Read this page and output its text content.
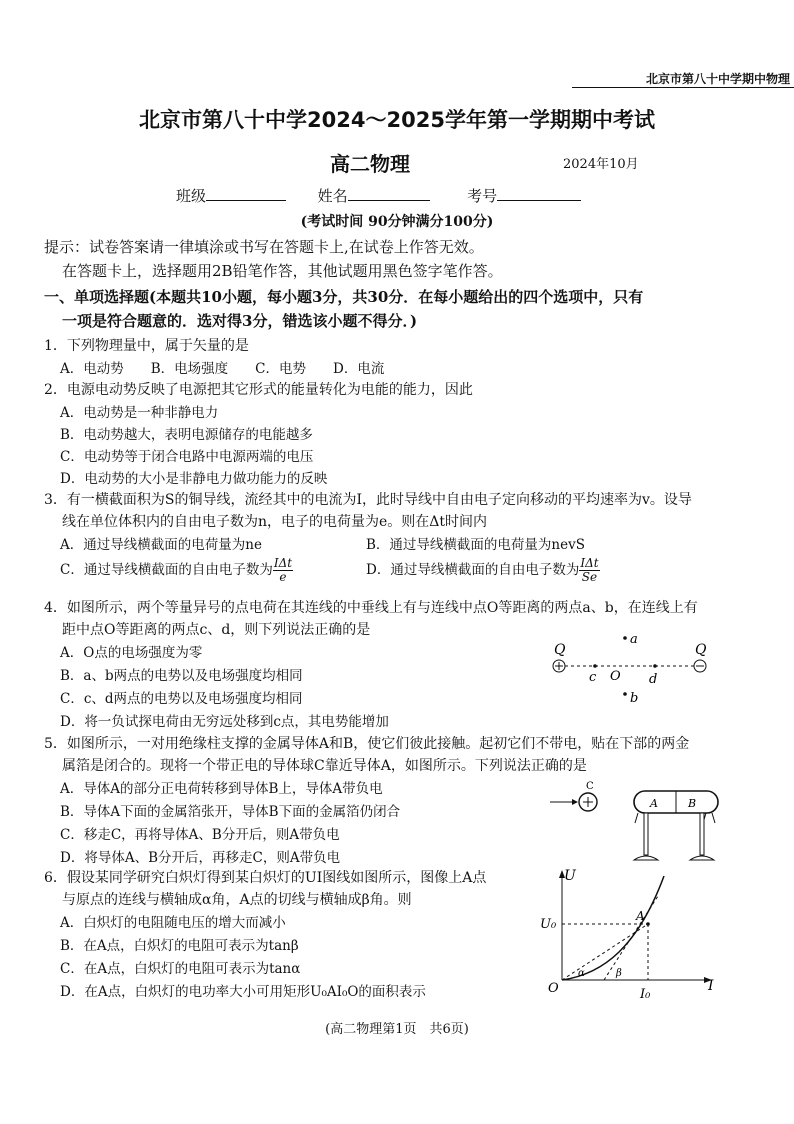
北京市第八十中学期中物理
北京市第八十中学2024～2025学年第一学期期中考试
高二物理	2024年10月
班级	姓名	考号
(考试时间 90分钟满分100分)
提示：试卷答案请一律填涂或书写在答题卡上,在试卷上作答无效。
在答题卡上，选择题用2B铅笔作答，其他试题用黑色签字笔作答。
一、单项选择题(本题共10小题，每小题3分，共30分．在每小题给出的四个选项中，只有
一项是符合题意的．选对得3分，错选该小题不得分．)
1．下列物理量中，属于矢量的是
A．电动势　　B．电场强度　　C．电势　　D．电流
2．电源电动势反映了电源把其它形式的能量转化为电能的能力，因此
A．电动势是一种非静电力
B．电动势越大，表明电源储存的电能越多
C．电动势等于闭合电路中电源两端的电压
D．电动势的大小是非静电力做功能力的反映
3．有一横截面积为S的铜导线，流经其中的电流为I，此时导线中自由电子定向移动的平均速率为v。设导
线在单位体积内的自由电子数为n，电子的电荷量为e。则在Δt时间内
A．通过导线横截面的电荷量为ne	B．通过导线横截面的电荷量为nevS
C．通过导线横截面的自由电子数为 $\frac{\text{IΔt}}{e}$	D．通过导线横截面的自由电子数为 $\frac{\text{IΔt}}{Se}$
4．如图所示，两个等量异号的点电荷在其连线的中垂线上有与连线中点O等距离的两点a、b，在连线上有
距中点O等距离的两点c、d，则下列说法正确的是
A．O点的电场强度为零
B．a、b两点的电势以及电场强度均相同
C．c、d两点的电势以及电场强度均相同
D．将一负试探电荷由无穷远处移到c点，其电势能增加
Q	Q
a
b
c	d
O
5．如图所示，一对用绝缘柱支撑的金属导体A和B，使它们彼此接触。起初它们不带电，贴在下部的两金
属箔是闭合的。现将一个带正电的导体球C靠近导体A，如图所示。下列说法正确的是
A．导体A的部分正电荷转移到导体B上，导体A带负电
B．导体A下面的金属箔张开，导体B下面的金属箔仍闭合
C．移走C，再将导体A、B分开后，则A带负电
D．将导体A、B分开后，再移走C，则A带负电
C
A	B
6．假设某同学研究白炽灯得到某白炽灯的UI图线如图所示，图像上A点
与原点的连线与横轴成α角，A点的切线与横轴成β角。则
A．白炽灯的电阻随电压的增大而减小
B．在A点，白炽灯的电阻可表示为tanβ
C．在A点，白炽灯的电阻可表示为tanα
D．在A点，白炽灯的电功率大小可用矩形U₀AI₀O的面积表示
U
I
U₀
I₀
O
A
α	β
(高二物理第1页　共6页)
